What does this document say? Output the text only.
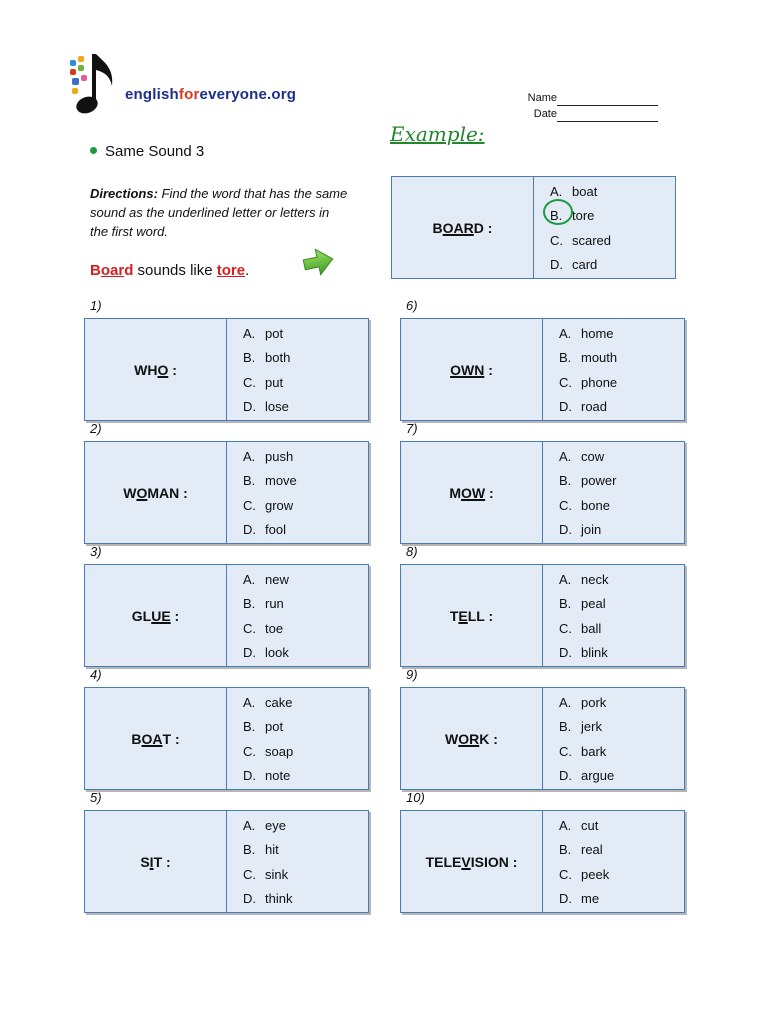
englishforeveryone.org	Name
Date
Same Sound 3
Example:
Directions: Find the word that has the same sound as the underlined letter or letters in the first word.
Board sounds like tore.
B OAR D :
A. boat
B. tore
C. scared
D. card
1)
WH O :
A. pot
B. both
C. put
D. lose
2)
W O MAN :
A. push
B. move
C. grow
D. fool
3)
GL UE :
A. new
B. run
C. toe
D. look
4)
B OA T :
A. cake
B. pot
C. soap
D. note
5)
S I T :
A. eye
B. hit
C. sink
D. think
6)
OWN :
A. home
B. mouth
C. phone
D. road
7)
M OW :
A. cow
B. power
C. bone
D. join
8)
T E LL :
A. neck
B. peal
C. ball
D. blink
9)
W OR K :
A. pork
B. jerk
C. bark
D. argue
10)
TELE V ISION :
A. cut
B. real
C. peek
D. me
